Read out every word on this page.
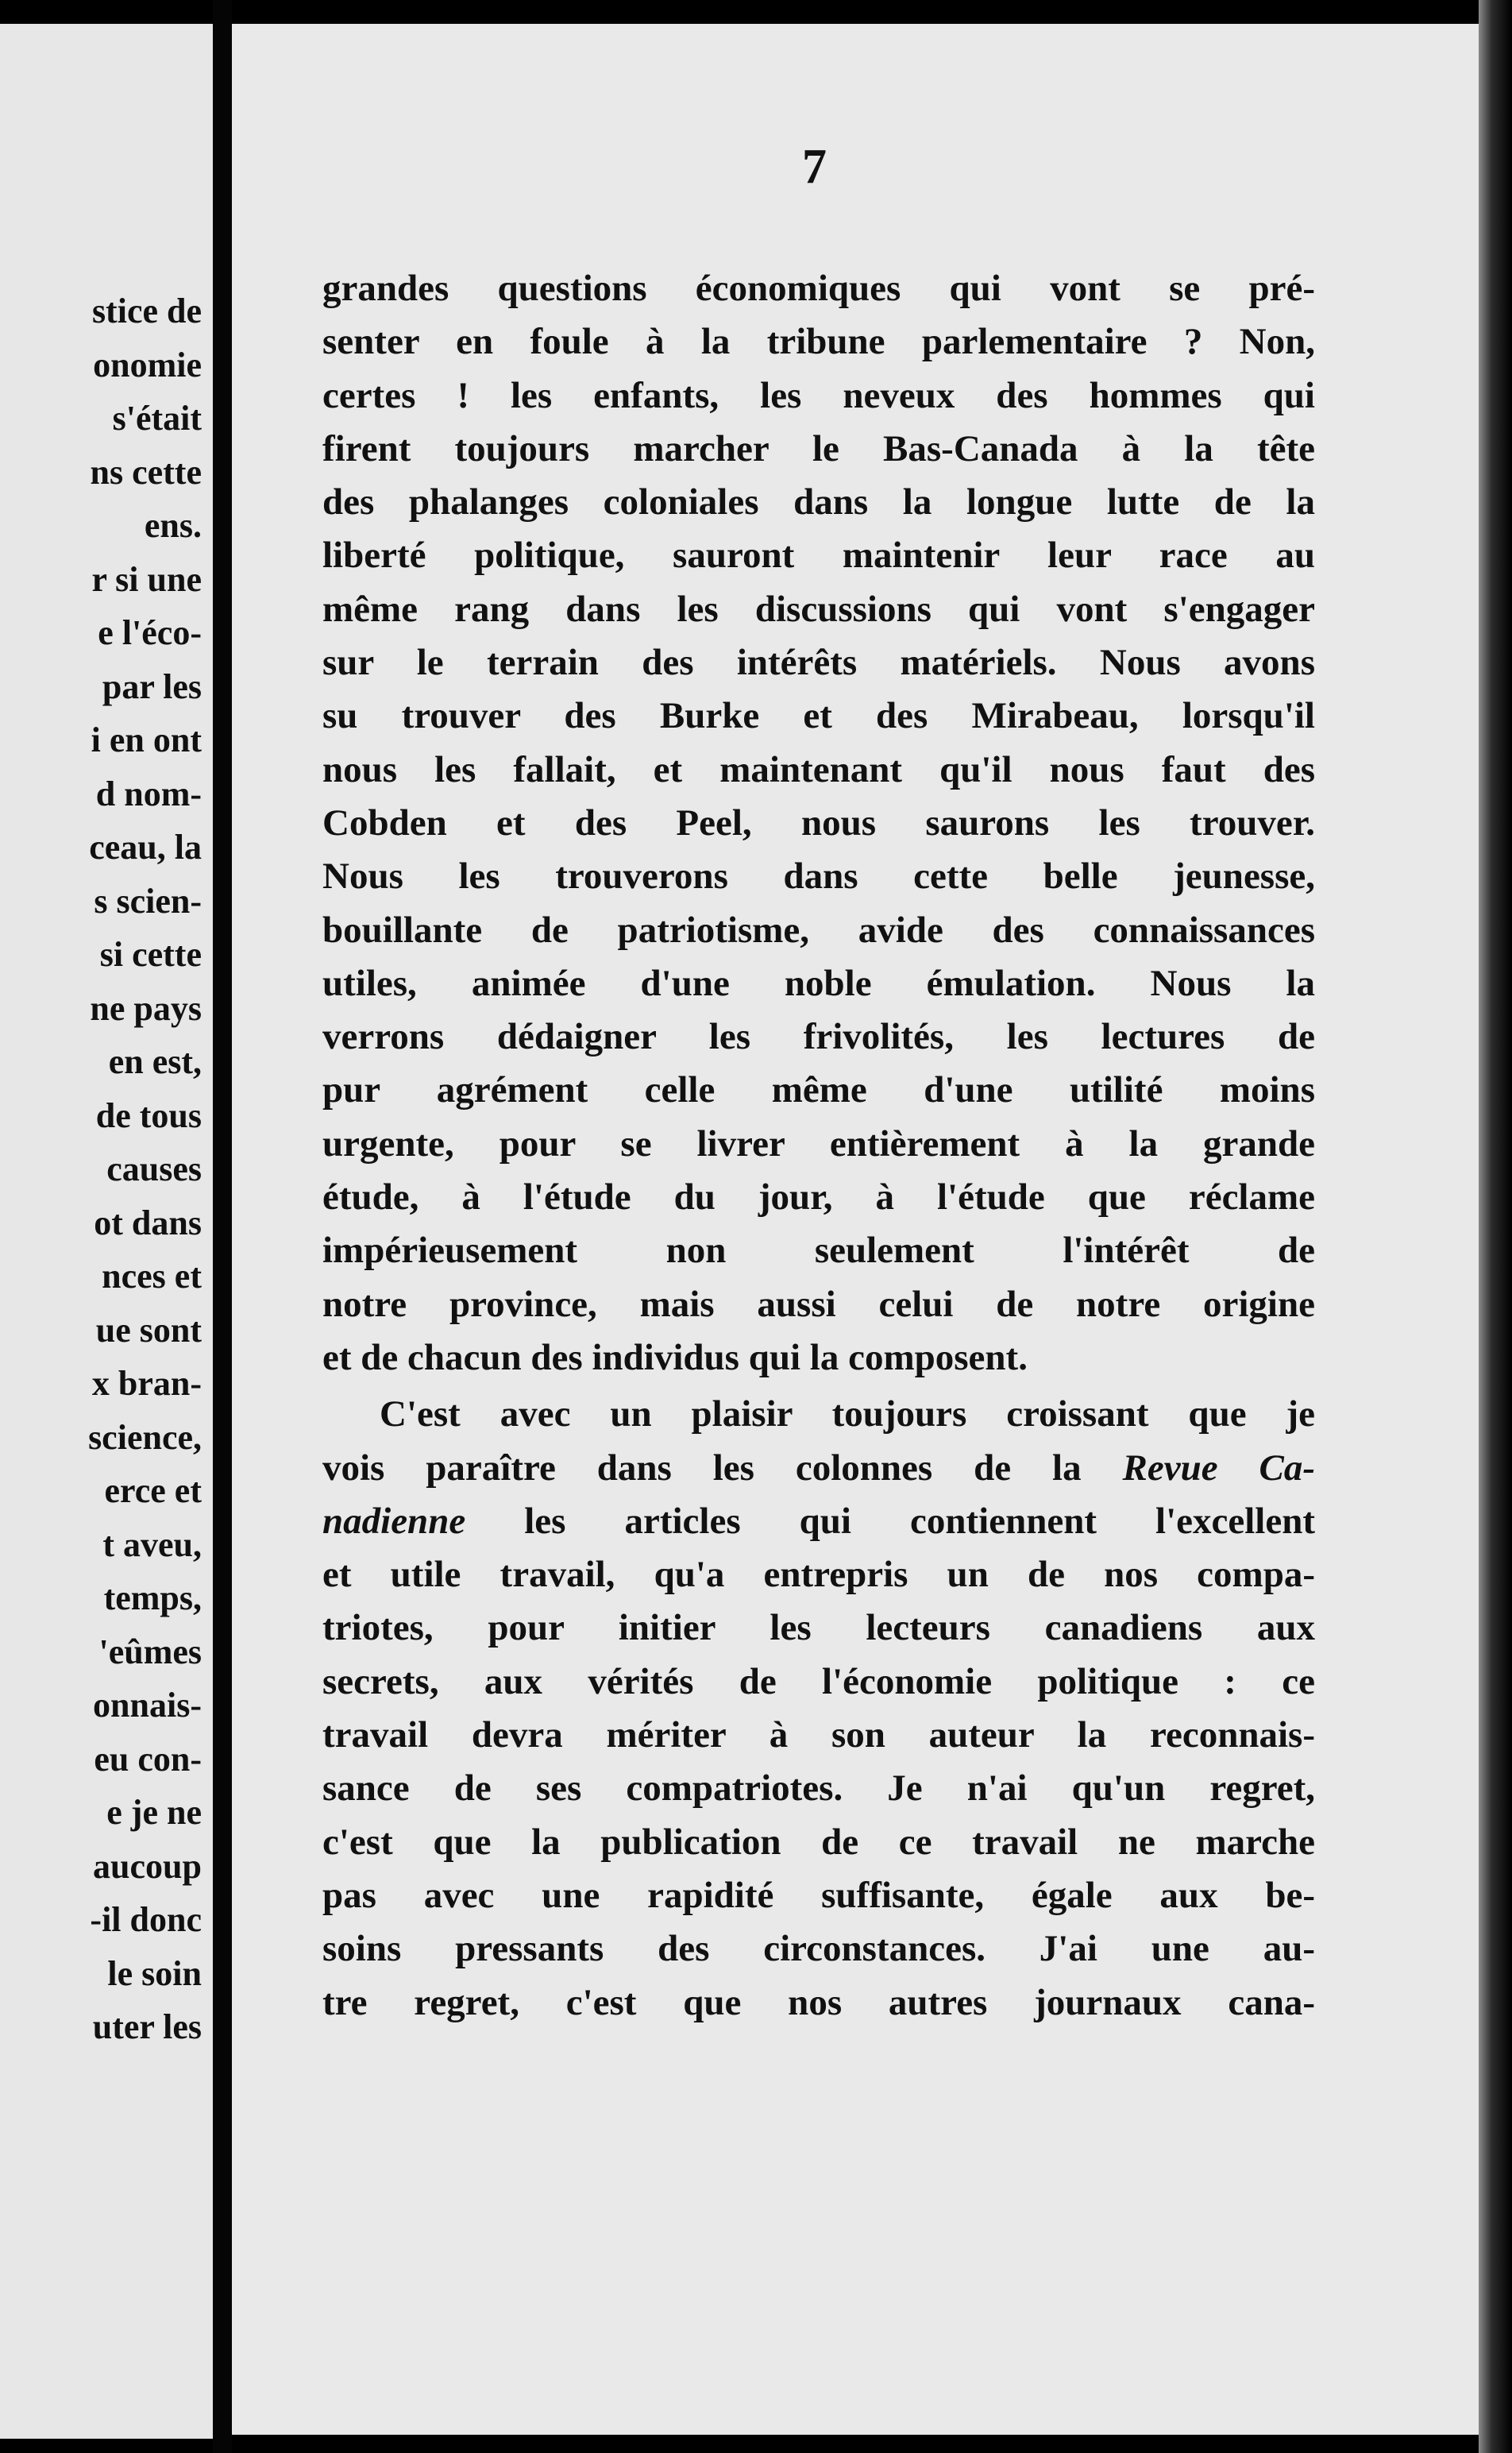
stice de
onomie
s'était
ns cette
ens.
r si une
e l'éco-
par les
i en ont
d nom-
ceau, la
s scien-
si cette
ne pays
en est,
de tous
causes
ot dans
nces et
ue sont
x bran-
science,
erce et
t aveu,
temps,
'eûmes
onnais-
eu con-
e je ne
aucoup
-il donc
le soin
uter les
7
grandes questions économiques qui vont se pré-
senter en foule à la tribune parlementaire ? Non,
certes ! les enfants, les neveux des hommes qui
firent toujours marcher le Bas-Canada à la tête
des phalanges coloniales dans la longue lutte de la
liberté politique, sauront maintenir leur race au
même rang dans les discussions qui vont s'engager
sur le terrain des intérêts matériels. Nous avons
su trouver des Burke et des Mirabeau, lorsqu'il
nous les fallait, et maintenant qu'il nous faut des
Cobden et des Peel, nous saurons les trouver.
Nous les trouverons dans cette belle jeunesse,
bouillante de patriotisme, avide des connaissances
utiles, animée d'une noble émulation. Nous la
verrons dédaigner les frivolités, les lectures de
pur agrément celle même d'une utilité moins
urgente, pour se livrer entièrement à la grande
étude, à l'étude du jour, à l'étude que réclame
impérieusement non seulement l'intérêt de
notre province, mais aussi celui de notre origine
et de chacun des individus qui la composent.
C'est avec un plaisir toujours croissant que je
vois paraître dans les colonnes de la Revue Ca-
nadienne les articles qui contiennent l'excellent
et utile travail, qu'a entrepris un de nos compa-
triotes, pour initier les lecteurs canadiens aux
secrets, aux vérités de l'économie politique : ce
travail devra mériter à son auteur la reconnais-
sance de ses compatriotes. Je n'ai qu'un regret,
c'est que la publication de ce travail ne marche
pas avec une rapidité suffisante, égale aux be-
soins pressants des circonstances. J'ai une au-
tre regret, c'est que nos autres journaux cana-
